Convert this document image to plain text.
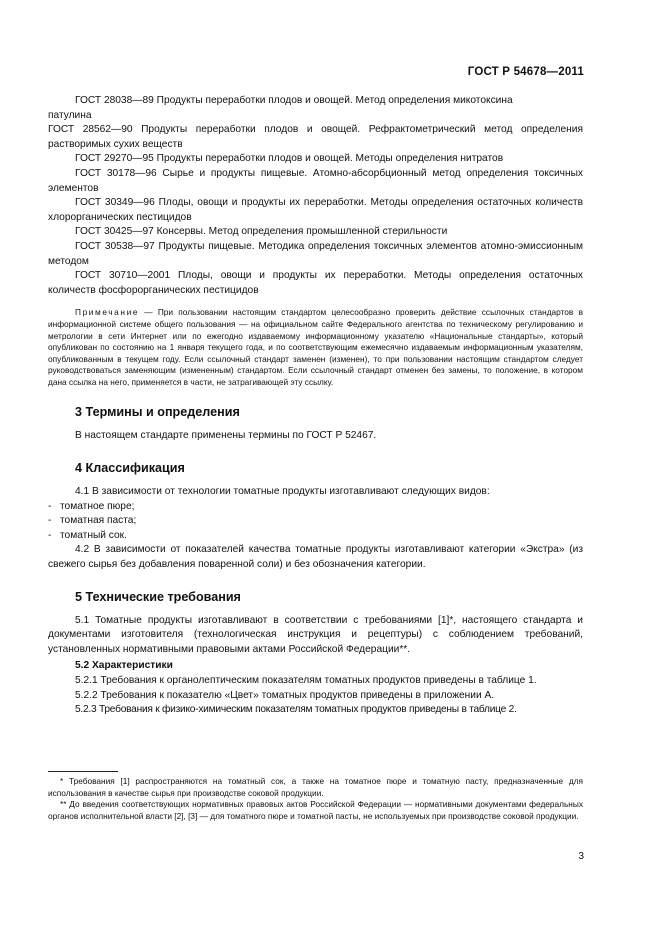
ГОСТ Р 54678—2011

ГОСТ 28038—89 Продукты переработки плодов и овощей. Метод определения микотоксина

патулина

ГОСТ 28562—90 Продукты переработки плодов и овощей. Рефрактометрический метод определения растворимых сухих веществ

ГОСТ 29270—95 Продукты переработки плодов и овощей. Методы определения нитратов

ГОСТ 30178—96 Сырье и продукты пищевые. Атомно-абсорбционный метод определения токсичных элементов

ГОСТ 30349—96 Плоды, овощи и продукты их переработки. Методы определения остаточных количеств хлорорганических пестицидов

ГОСТ 30425—97 Консервы. Метод определения промышленной стерильности

ГОСТ 30538—97 Продукты пищевые. Методика определения токсичных элементов атомно-эмиссионным методом

ГОСТ 30710—2001 Плоды, овощи и продукты их переработки. Методы определения остаточных количеств фосфорорганических пестицидов

Примечание — При пользовании настоящим стандартом целесообразно проверить действие ссылочных стандартов в информационной системе общего пользования — на официальном сайте Федерального агентства по техническому регулированию и метрологии в сети Интернет или по ежегодно издаваемому информационному указателю «Национальные стандарты», который опубликован по состоянию на 1 января текущего года, и по соответствующим ежемесячно издаваемым информационным указателям, опубликованным в текущем году. Если ссылочный стандарт заменен (изменен), то при пользовании настоящим стандартом следует руководствоваться заменяющим (измененным) стандартом. Если ссылочный стандарт отменен без замены, то положение, в котором дана ссылка на него, применяется в части, не затрагивающей эту ссылку.

3 Термины и определения

В настоящем стандарте применены термины по ГОСТ Р 52467.

4 Классификация

4.1 В зависимости от технологии томатные продукты изготавливают следующих видов:

- томатное пюре;

- томатная паста;

- томатный сок.

4.2 В зависимости от показателей качества томатные продукты изготавливают категории «Экстра» (из свежего сырья без добавления поваренной соли) и без обозначения категории.

5 Технические требования

5.1 Томатные продукты изготавливают в соответствии с требованиями [1]*, настоящего стандарта и документами изготовителя (технологическая инструкция и рецептуры) с соблюдением требований, установленных нормативными правовыми актами Российской Федерации**.

5.2 Характеристики

5.2.1 Требования к органолептическим показателям томатных продуктов приведены в таблице 1.

5.2.2 Требования к показателю «Цвет» томатных продуктов приведены в приложении А.

5.2.3 Требования к физико-химическим показателям томатных продуктов приведены в таблице 2.

* Требования [1] распространяются на томатный сок, а также на томатное пюре и томатную пасту, предназначенные для использования в качестве сырья при производстве соковой продукции.

** До введения соответствующих нормативных правовых актов Российской Федерации — нормативными документами федеральных органов исполнительной власти [2], [3] — для томатного пюре и томатной пасты, не используемых при производстве соковой продукции.

3
